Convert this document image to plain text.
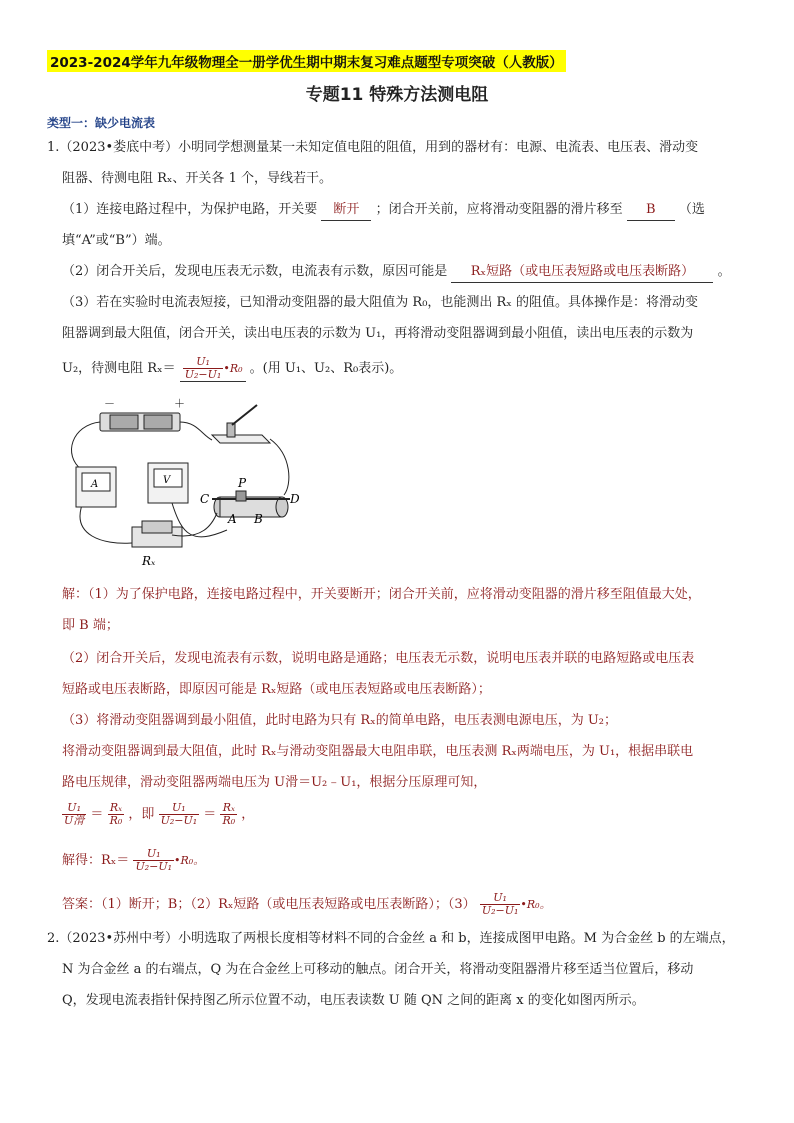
2023-2024学年九年级物理全一册学优生期中期末复习难点题型专项突破（人教版）
专题11 特殊方法测电阻
类型一：缺少电流表
1.（2023•娄底中考）小明同学想测量某一未知定值电阻的阻值，用到的器材有：电源、电流表、电压表、滑动变
阻器、待测电阻 Rₓ、开关各 1 个，导线若干。
（1）连接电路过程中，为保护电路，开关要 断开 ；闭合开关前，应将滑动变阻器的滑片移至 B （选
填“A”或“B”）端。
（2）闭合开关后，发现电压表无示数，电流表有示数，原因可能是 Rₓ短路（或电压表短路或电压表断路） 。
（3）若在实验时电流表短接，已知滑动变阻器的最大阻值为 R₀，也能测出 Rₓ 的阻值。具体操作是：将滑动变
阻器调到最大阻值，闭合开关，读出电压表的示数为 U₁，再将滑动变阻器调到最小阻值，读出电压表的示数为
U₂，待测电阻 $R_x= \frac{\text{U₁}}{\text{U₂−U₁}}$ •R₀ 。(用 U₁、U₂、R₀表示)。
－	＋
A	V
C	D
P
A B
Rₓ
解：（1）为了保护电路，连接电路过程中，开关要断开；闭合开关前，应将滑动变阻器的滑片移至阻值最大处，
即 B 端；
（2）闭合开关后，发现电流表有示数，说明电路是通路；电压表无示数，说明电压表并联的电路短路或电压表
短路或电压表断路，即原因可能是 Rₓ短路（或电压表短路或电压表断路）；
（3）将滑动变阻器调到最小阻值，此时电路为只有 Rₓ的简单电路，电压表测电源电压，为 U₂；
将滑动变阻器调到最大阻值，此时 Rₓ与滑动变阻器最大电阻串联，电压表测 Rₓ两端电压，为 U₁，根据串联电
路电压规律，滑动变阻器两端电压为 U滑＝U₂﹣U₁，根据分压原理可知，
$\frac{\text{U₁}}{\text{U滑}} = \frac{\text{Rₓ}}{\text{R₀}}$ ，即 $\frac{\text{U₁}}{\text{U₂−U₁}} = \frac{\text{Rₓ}}{\text{R₀}}$ ，
解得：$R_x= \frac{\text{U₁}}{\text{U₂−U₁}}$ •R₀。
答案：（1）断开；B；（2）Rₓ短路（或电压表短路或电压表断路）；$(3) \frac{\text{U₁}}{\text{U₂−U₁}}$ •R₀。
2.（2023•苏州中考）小明选取了两根长度相等材料不同的合金丝 a 和 b，连接成图甲电路。M 为合金丝 b 的左端点，
N 为合金丝 a 的右端点，Q 为在合金丝上可移动的触点。闭合开关，将滑动变阻器滑片移至适当位置后，移动
Q，发现电流表指针保持图乙所示位置不动，电压表读数 U 随 QN 之间的距离 x 的变化如图丙所示。
